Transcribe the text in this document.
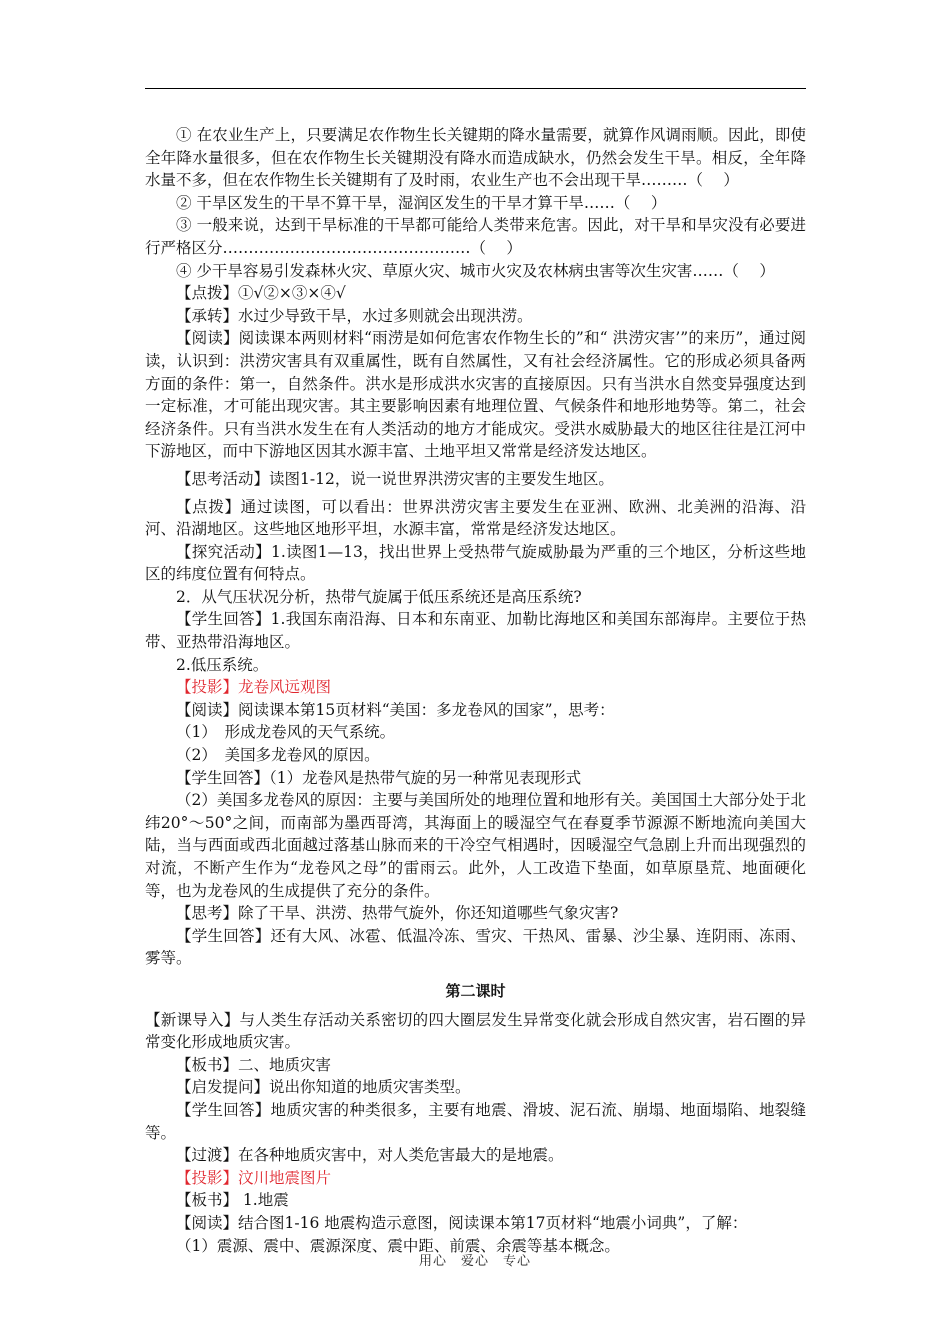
① 在农业生产上，只要满足农作物生长关键期的降水量需要，就算作风调雨顺。因此，即使全年降水量很多，但在农作物生长关键期没有降水而造成缺水，仍然会发生干旱。相反，全年降水量不多，但在农作物生长关键期有了及时雨，农业生产也不会出现干旱………（　 ）

② 干旱区发生的干旱不算干旱，湿润区发生的干旱才算干旱……（　 ）

③ 一般来说，达到干旱标准的干旱都可能给人类带来危害。因此，对干旱和旱灾没有必要进行严格区分…………………………………………（　 ）

④ 少干旱容易引发森林火灾、草原火灾、城市火灾及农林病虫害等次生灾害……（　 ）

【点拨】①√②×③×④√

【承转】水过少导致干旱，水过多则就会出现洪涝。

【阅读】阅读课本两则材料“雨涝是如何危害农作物生长的”和“ 洪涝灾害’”的来历”，通过阅读，认识到：洪涝灾害具有双重属性，既有自然属性，又有社会经济属性。它的形成必须具备两方面的条件：第一，自然条件。洪水是形成洪水灾害的直接原因。只有当洪水自然变异强度达到一定标准，才可能出现灾害。其主要影响因素有地理位置、气候条件和地形地势等。第二，社会经济条件。只有当洪水发生在有人类活动的地方才能成灾。受洪水威胁最大的地区往往是江河中下游地区，而中下游地区因其水源丰富、土地平坦又常常是经济发达地区。

【思考活动】读图1-12，说一说世界洪涝灾害的主要发生地区。

【点拨】通过读图，可以看出：世界洪涝灾害主要发生在亚洲、欧洲、北美洲的沿海、沿河、沿湖地区。这些地区地形平坦，水源丰富，常常是经济发达地区。

【探究活动】1.读图1—13，找出世界上受热带气旋威胁最为严重的三个地区，分析这些地区的纬度位置有何特点。

2．从气压状况分析，热带气旋属于低压系统还是高压系统?

【学生回答】1.我国东南沿海、日本和东南亚、加勒比海地区和美国东部海岸。主要位于热带、亚热带沿海地区。

2.低压系统。

【投影】龙卷风远观图

【阅读】阅读课本第15页材料“美国：多龙卷风的国家”，思考：

（1）　形成龙卷风的天气系统。

（2）　美国多龙卷风的原因。

【学生回答】（1）龙卷风是热带气旋的另一种常见表现形式

（2）美国多龙卷风的原因：主要与美国所处的地理位置和地形有关。美国国土大部分处于北纬20°～50°之间，而南部为墨西哥湾，其海面上的暖湿空气在春夏季节源源不断地流向美国大陆，当与西面或西北面越过落基山脉而来的干冷空气相遇时，因暖湿空气急剧上升而出现强烈的对流，不断产生作为“龙卷风之母”的雷雨云。此外，人工改造下垫面，如草原垦荒、地面硬化等，也为龙卷风的生成提供了充分的条件。

【思考】除了干旱、洪涝、热带气旋外，你还知道哪些气象灾害?

【学生回答】还有大风、冰雹、低温冷冻、雪灾、干热风、雷暴、沙尘暴、连阴雨、冻雨、雾等。

第二课时

【新课导入】与人类生存活动关系密切的四大圈层发生异常变化就会形成自然灾害，岩石圈的异常变化形成地质灾害。

【板书】二、地质灾害

【启发提问】说出你知道的地质灾害类型。

【学生回答】地质灾害的种类很多，主要有地震、滑坡、泥石流、崩塌、地面塌陷、地裂缝等。

【过渡】在各种地质灾害中，对人类危害最大的是地震。

【投影】汶川地震图片

【板书】 1.地震

【阅读】结合图1-16 地震构造示意图，阅读课本第17页材料“地震小词典”，了解：

（1）震源、震中、震源深度、震中距、前震、余震等基本概念。

用心　爱心　专心
